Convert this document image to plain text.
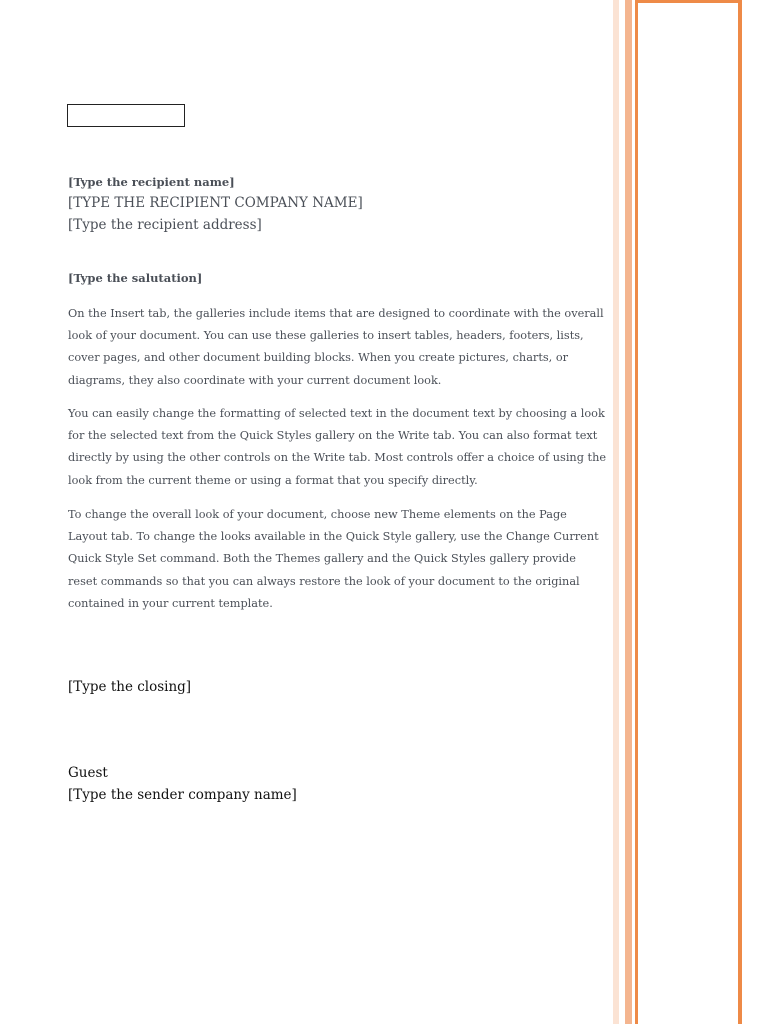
[Type the recipient name]
[TYPE THE RECIPIENT COMPANY NAME]
[Type the recipient address]
[Type the salutation]

On the Insert tab, the galleries include items that are designed to coordinate with the overall look of your document. You can use these galleries to insert tables, headers, footers, lists, cover pages, and other document building blocks. When you create pictures, charts, or diagrams, they also coordinate with your current document look.

You can easily change the formatting of selected text in the document text by choosing a look for the selected text from the Quick Styles gallery on the Write tab. You can also format text directly by using the other controls on the Write tab. Most controls offer a choice of using the look from the current theme or using a format that you specify directly.

To change the overall look of your document, choose new Theme elements on the Page Layout tab. To change the looks available in the Quick Style gallery, use the Change Current Quick Style Set command. Both the Themes gallery and the Quick Styles gallery provide reset commands so that you can always restore the look of your document to the original contained in your current template.

[Type the closing]
Guest
[Type the sender company name]
